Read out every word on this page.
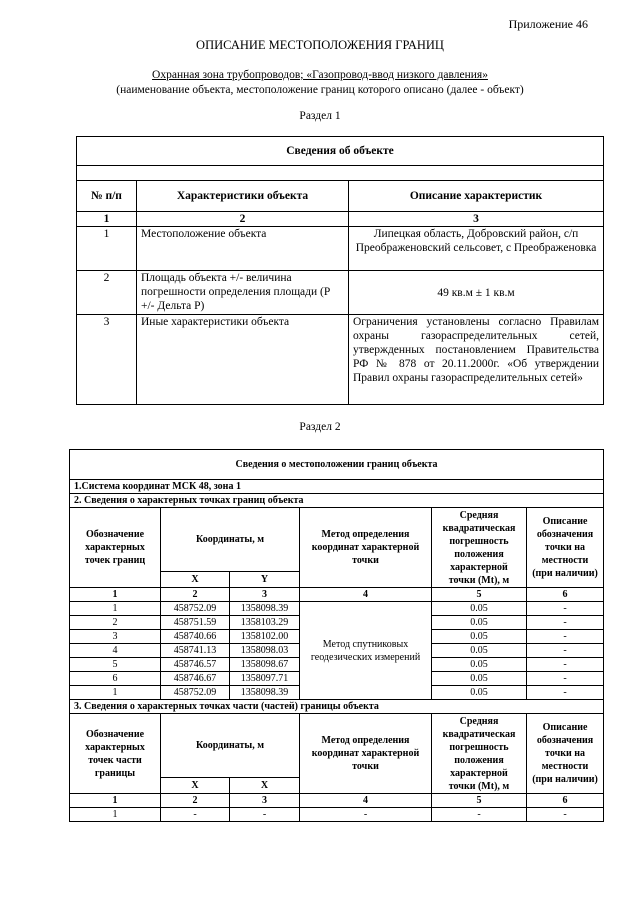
Приложение 46
ОПИСАНИЕ МЕСТОПОЛОЖЕНИЯ ГРАНИЦ
Охранная зона трубопроводов; «Газопровод-ввод низкого давления»
(наименование объекта, местоположение границ которого описано (далее - объект)
Раздел 1
Сведения об объекте		

№ п/п	Характеристики объекта	Описание характеристик
1	2	3
1	Местоположение объекта	Липецкая область, Добровский район, с/п Преображеновский сельсовет, с Преображеновка
2	Площадь объекта +/- величина погрешности определения площади (Р +/- Дельта Р)	49 кв.м ± 1 кв.м
3	Иные характеристики объекта	Ограничения установлены согласно Правилам охраны газораспределительных сетей, утвержденных постановлением Правительства РФ № 878 от 20.11.2000г. «Об утверждении Правил охраны газораспределительных сетей»
Раздел 2
Сведения о местоположении границ объекта					
1.Система координат МСК 48, зона 1					
2. Сведения о характерных точках границ объекта					
Обозначение характерных точек границ	Координаты, м		Метод определения координат характерной точки	Средняя квадратическая погрешность положения характерной точки (Mt), м	Описание обозначения точки на местности (при наличии)
	X	Y			
1	2	3	4	5	6
1	458752.09	1358098.39	Метод спутниковых геодезических измерений	0.05	-
2	458751.59	1358103.29		0.05	-
3	458740.66	1358102.00		0.05	-
4	458741.13	1358098.03		0.05	-
5	458746.57	1358098.67		0.05	-
6	458746.67	1358097.71		0.05	-
1	458752.09	1358098.39		0.05	-
3. Сведения о характерных точках части (частей) границы объекта					
Обозначение характерных точек части границы	Координаты, м		Метод определения координат характерной точки	Средняя квадратическая погрешность положения характерной точки (Mt), м	Описание обозначения точки на местности (при наличии)
	X	X			
1	2	3	4	5	6
1	-	-	-	-	-
